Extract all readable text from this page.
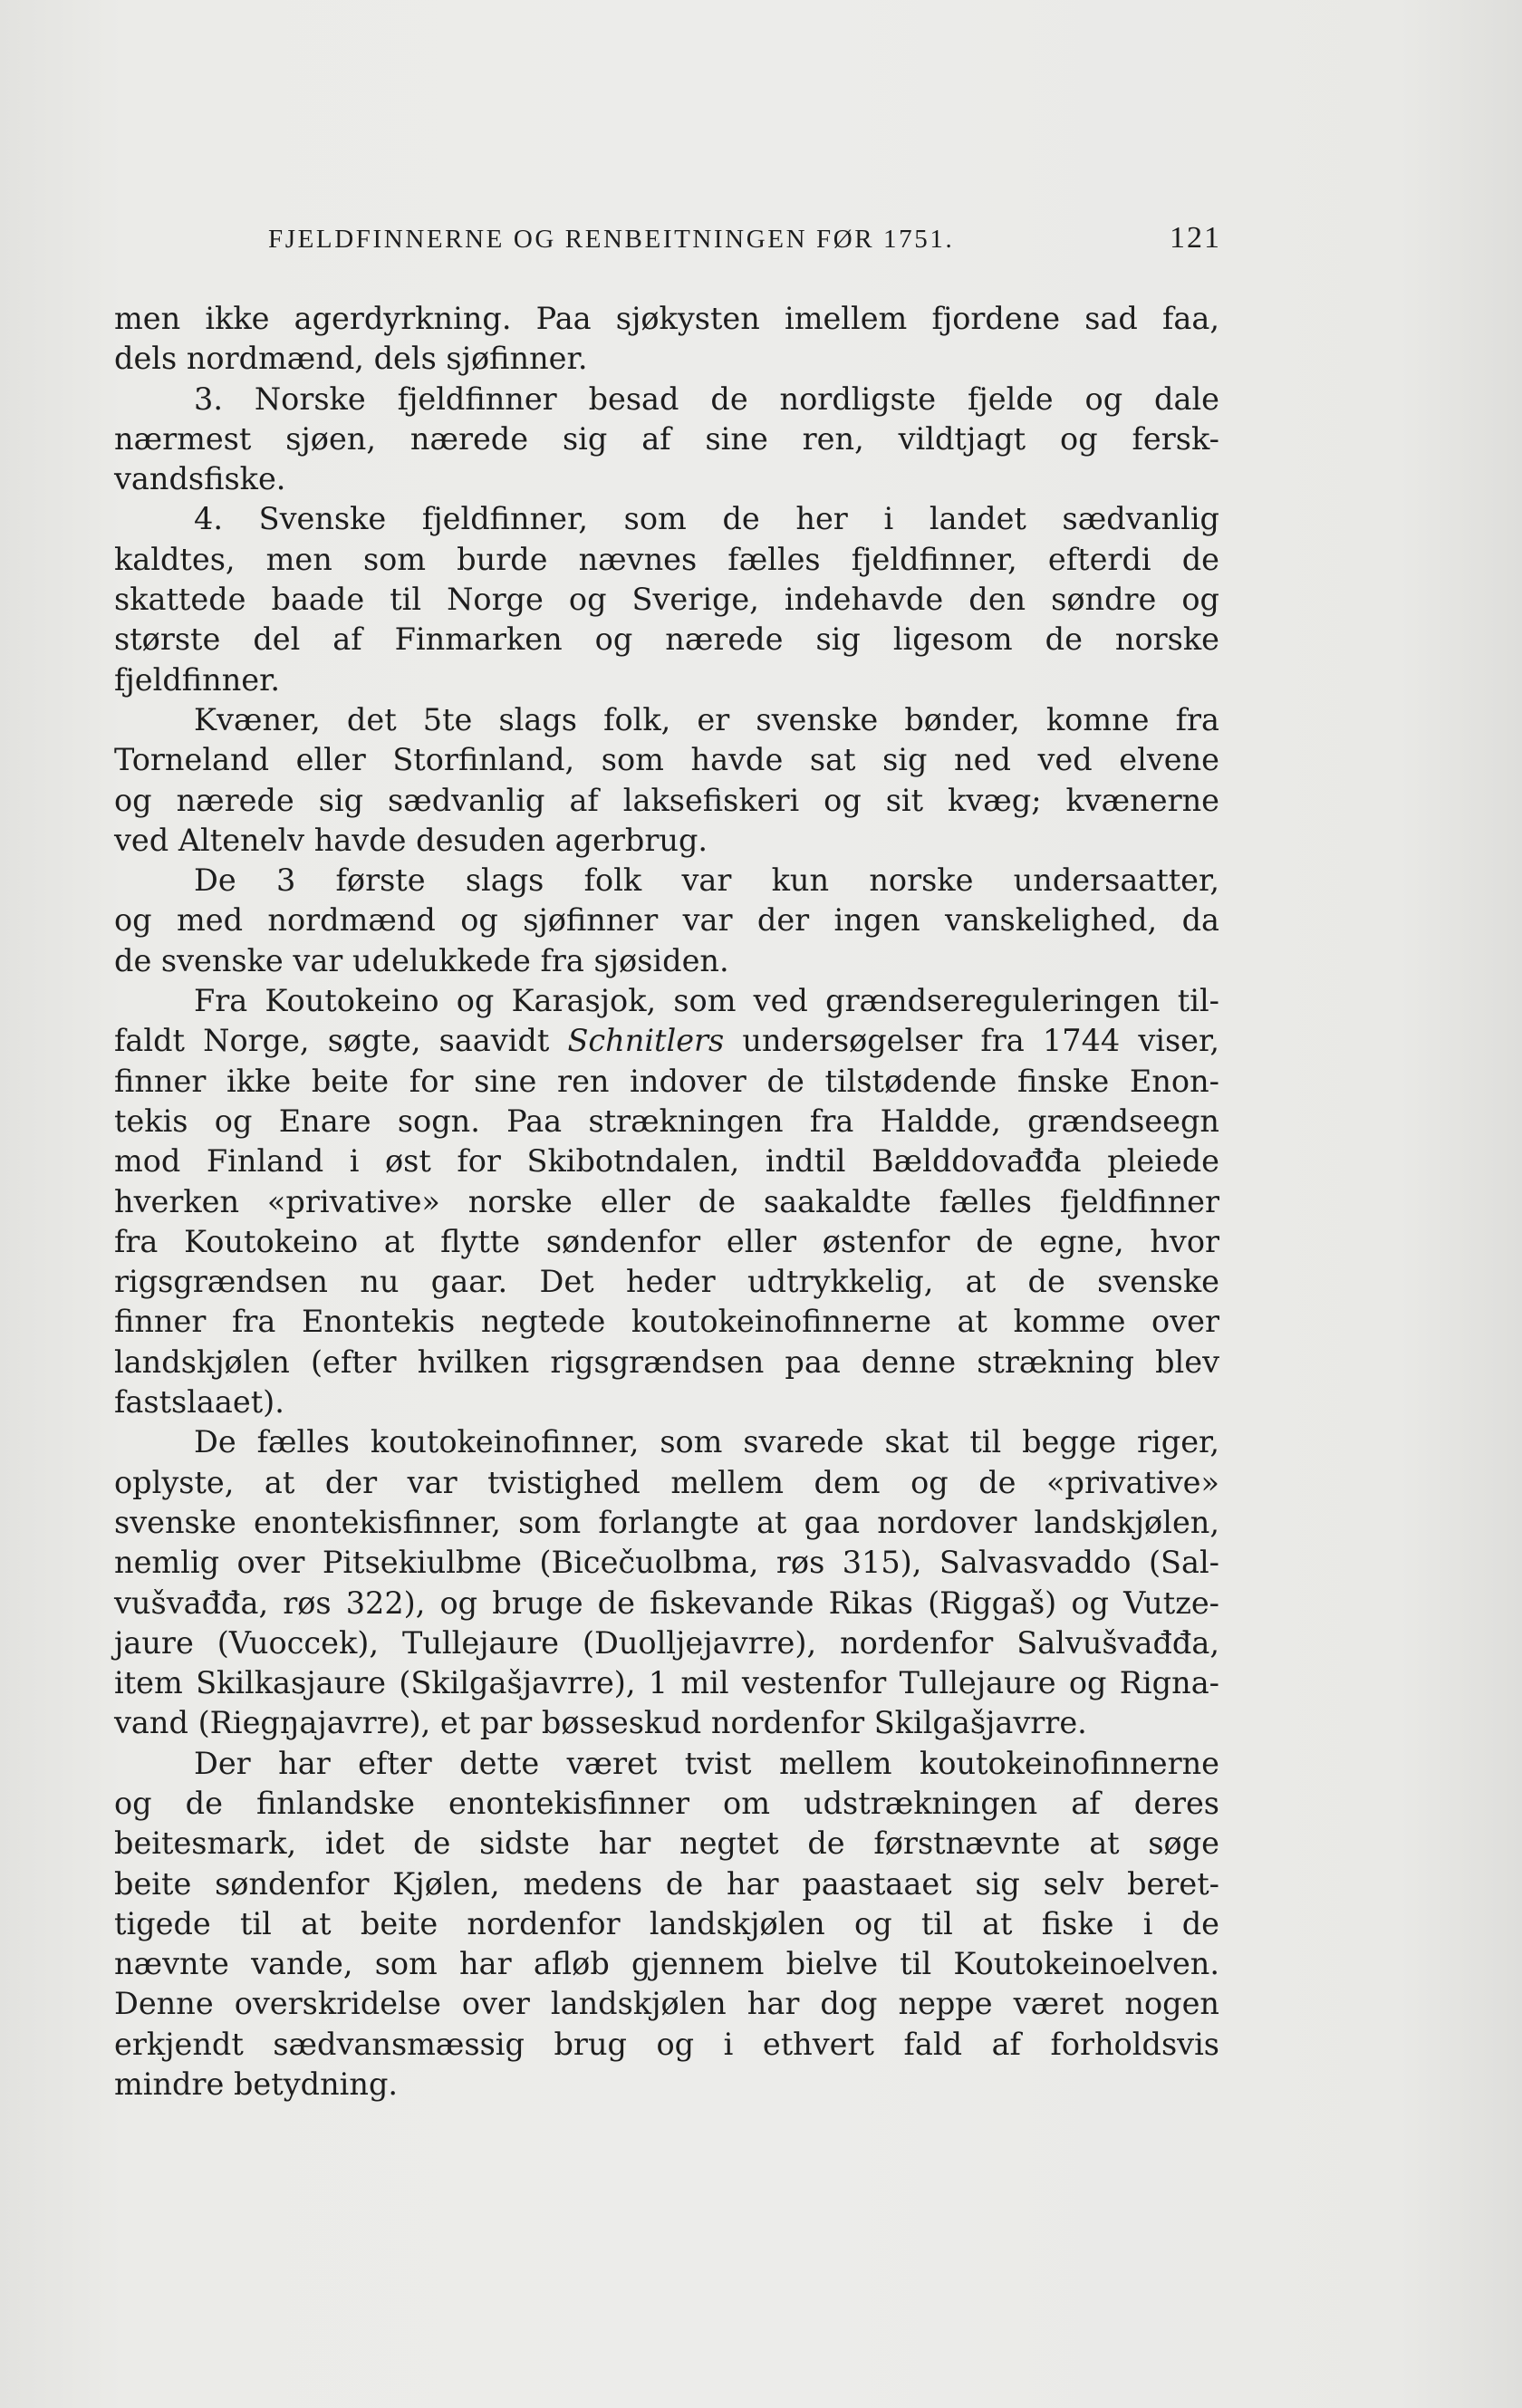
FJELDFINNERNE OG RENBEITNINGEN FØR 1751.	121
men ikke agerdyrkning. Paa sjøkysten imellem fjordene sad faa,
dels nordmænd, dels sjøfinner.
3. Norske fjeldfinner besad de nordligste fjelde og dale
nærmest sjøen, nærede sig af sine ren, vildtjagt og fersk-
vandsfiske.
4. Svenske fjeldfinner, som de her i landet sædvanlig
kaldtes, men som burde nævnes fælles fjeldfinner, efterdi de
skattede baade til Norge og Sverige, indehavde den søndre og
største del af Finmarken og nærede sig ligesom de norske
fjeldfinner.
Kvæner, det 5te slags folk, er svenske bønder, komne fra
Torneland eller Storfinland, som havde sat sig ned ved elvene
og nærede sig sædvanlig af laksefiskeri og sit kvæg; kvænerne
ved Altenelv havde desuden agerbrug.
De 3 første slags folk var kun norske undersaatter,
og med nordmænd og sjøfinner var der ingen vanskelighed, da
de svenske var udelukkede fra sjøsiden.
Fra Koutokeino og Karasjok, som ved grændsereguleringen til-
faldt Norge, søgte, saavidt Schnitlers undersøgelser fra 1744 viser,
finner ikke beite for sine ren indover de tilstødende finske Enon-
tekis og Enare sogn. Paa strækningen fra Haldde, grændseegn
mod Finland i øst for Skibotndalen, indtil Bælddovađđa pleiede
hverken «privative» norske eller de saakaldte fælles fjeldfinner
fra Koutokeino at flytte søndenfor eller østenfor de egne, hvor
rigsgrændsen nu gaar. Det heder udtrykkelig, at de svenske
finner fra Enontekis negtede koutokeinofinnerne at komme over
landskjølen (efter hvilken rigsgrændsen paa denne strækning blev
fastslaaet).
De fælles koutokeinofinner, som svarede skat til begge riger,
oplyste, at der var tvistighed mellem dem og de «privative»
svenske enontekisfinner, som forlangte at gaa nordover landskjølen,
nemlig over Pitsekiulbme (Bicečuolbma, røs 315), Salvasvaddo (Sal-
vušvađđa, røs 322), og bruge de fiskevande Rikas (Riggaš) og Vutze-
jaure (Vuoccek), Tullejaure (Duolljejavrre), nordenfor Salvušvađđa,
item Skilkasjaure (Skilgašjavrre), 1 mil vestenfor Tullejaure og Rigna-
vand (Riegŋajavrre), et par bøsseskud nordenfor Skilgašjavrre.
Der har efter dette været tvist mellem koutokeinofinnerne
og de finlandske enontekisfinner om udstrækningen af deres
beitesmark, idet de sidste har negtet de førstnævnte at søge
beite søndenfor Kjølen, medens de har paastaaet sig selv beret-
tigede til at beite nordenfor landskjølen og til at fiske i de
nævnte vande, som har afløb gjennem bielve til Koutokeinoelven.
Denne overskridelse over landskjølen har dog neppe været nogen
erkjendt sædvansmæssig brug og i ethvert fald af forholdsvis
mindre betydning.
